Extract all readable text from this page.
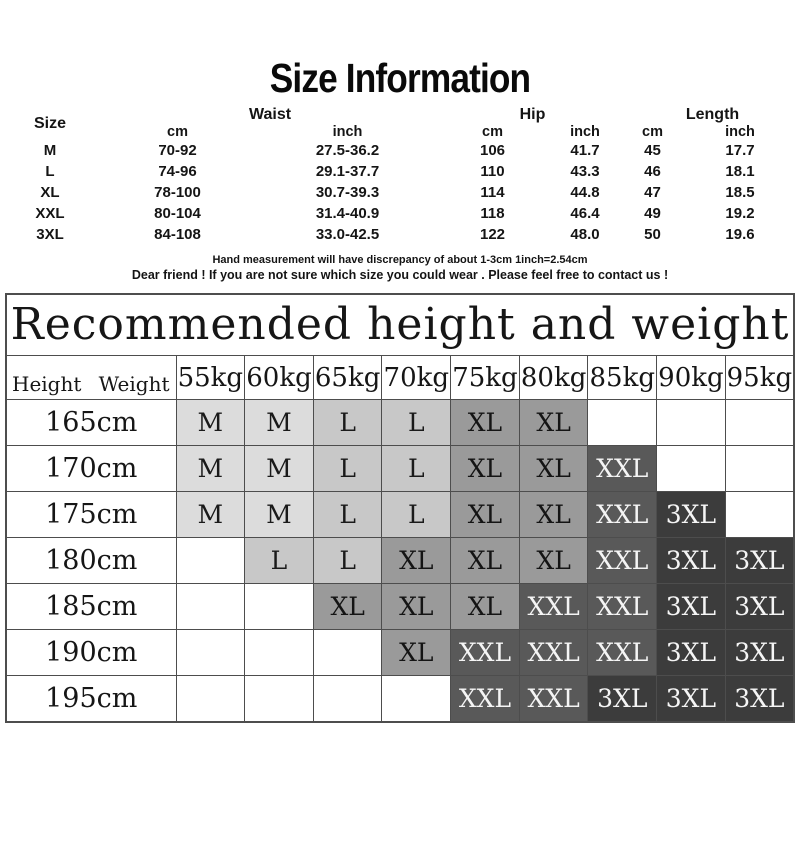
Size Information
Size	Waist		Hip		Length	
	cm	inch	cm	inch	cm	inch
M	70-92	27.5-36.2	106	41.7	45	17.7
L	74-96	29.1-37.7	110	43.3	46	18.1
XL	78-100	30.7-39.3	114	44.8	47	18.5
XXL	80-104	31.4-40.9	118	46.4	49	19.2
3XL	84-108	33.0-42.5	122	48.0	50	19.6
Hand measurement will have discrepancy of about 1-3cm 1inch=2.54cm
Dear friend ! If you are not sure which size you could wear . Please feel free to contact us !
Recommended height and weight									

Height Weight	55kg	60kg	65kg	70kg	75kg	80kg	85kg	90kg	95kg
165cm	M	M	L	L	XL	XL			
170cm	M	M	L	L	XL	XL	XXL		
175cm	M	M	L	L	XL	XL	XXL	3XL	
180cm		L	L	XL	XL	XL	XXL	3XL	3XL
185cm			XL	XL	XL	XXL	XXL	3XL	3XL
190cm				XL	XXL	XXL	XXL	3XL	3XL
195cm					XXL	XXL	3XL	3XL	3XL
